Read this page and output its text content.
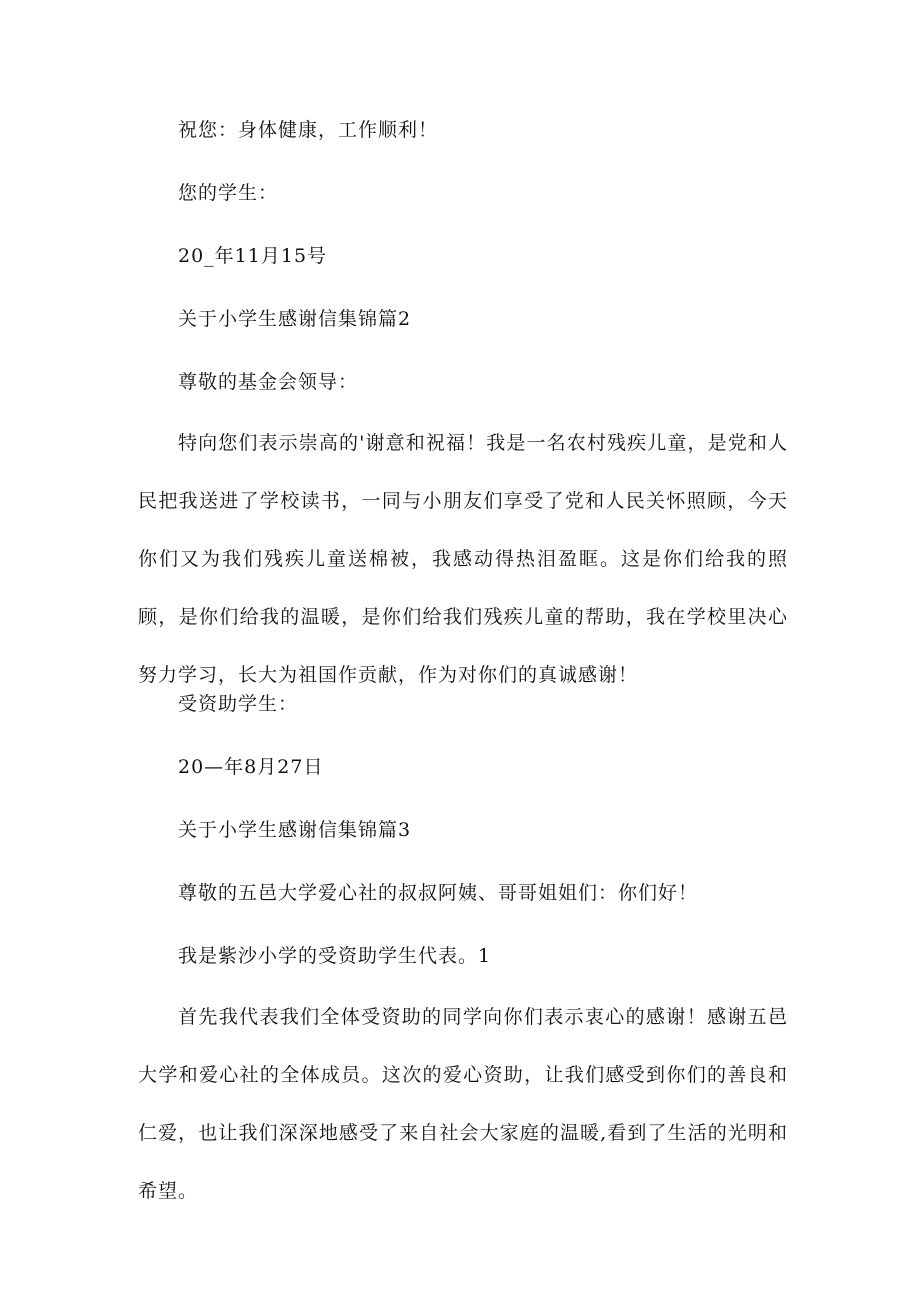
祝您：身体健康，工作顺利！
您的学生：
20_年11月15号
关于小学生感谢信集锦篇2
尊敬的基金会领导：
特向您们表示崇高的'谢意和祝福！我是一名农村残疾儿童，是党和人民把我送进了学校读书，一同与小朋友们享受了党和人民关怀照顾，今天你们又为我们残疾儿童送棉被，我感动得热泪盈眶。这是你们给我的照顾，是你们给我的温暖，是你们给我们残疾儿童的帮助，我在学校里决心努力学习，长大为祖国作贡献，作为对你们的真诚感谢！
受资助学生：
20—年8月27日
关于小学生感谢信集锦篇3
尊敬的五邑大学爱心社的叔叔阿姨、哥哥姐姐们：你们好！
我是紫沙小学的受资助学生代表。1
首先我代表我们全体受资助的同学向你们表示衷心的感谢！感谢五邑大学和爱心社的全体成员。这次的爱心资助，让我们感受到你们的善良和仁爱，也让我们深深地感受了来自社会大家庭的温暖,看到了生活的光明和希望。
